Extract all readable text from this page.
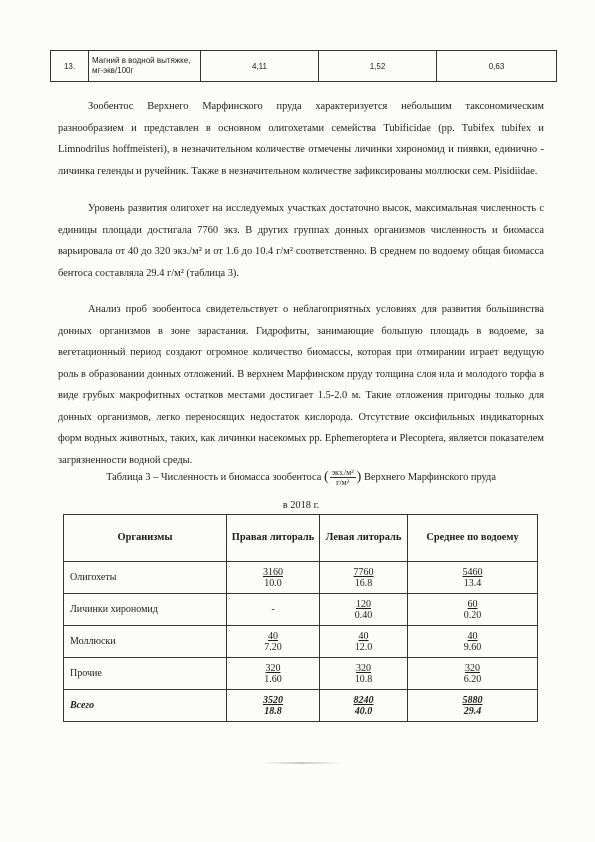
13.	Магний в водной вытяжке, мг-экв/100г	4,11	1,52	0,63

Зообентос Верхнего Марфинского пруда характеризуется небольшим таксономическим разнообразием и представлен в основном олигохетами семейства Tubificidae (pp. Tubifex tubifex и Limnodrilus hoffmeisteri), в незначительном количестве отмечены личинки хирономид и пиявки, единично - личинка геленды и ручейник. Также в незначительном количестве зафиксированы моллюски сем. Pisidiidae.

Уровень развития олигохет на исследуемых участках достаточно высок, максимальная численность с единицы площади достигала 7760 экз. В других группах донных организмов численность и биомасса варьировала от 40 до 320 экз./м² и от 1.6 до 10.4 г/м² соответственно. В среднем по водоему общая биомасса бентоса составляла 29.4 г/м² (таблица 3).

Анализ проб зообентоса свидетельствует о неблагоприятных условиях для развития большинства донных организмов в зоне зарастания. Гидрофиты, занимающие большую площадь в водоеме, за вегетационный период создают огромное количество биомассы, которая при отмирании играет ведущую роль в образовании донных отложений. В верхнем Марфинском пруду толщина слоя ила и молодого торфа в виде грубых макрофитных остатков местами достигает 1.5-2.0 м. Такие отложения пригодны только для донных организмов, легко переносящих недостаток кислорода. Отсутствие оксифильных индикаторных форм водных животных, таких, как личинки насекомых pp. Ephemeroptera и Plecoptera, является показателем загрязненности водной среды.

Таблица 3 – Численность и биомасса зообентоса ( $\frac{\text{экз./м²}}{\text{г/м²}}$ ) Верхнего Марфинского пруда
в 2018 г.
Организмы	Правая литораль	Левая литораль	Среднее по водоему
Олигохеты	$\frac{3160}{10.0}$	$\frac{7760}{16.8}$	$\frac{5460}{13.4}$

Личинки хирономид	-	$\frac{120}{0.40}$	$\frac{60}{0.20}$

Моллюски	$\frac{40}{7.20}$	$\frac{40}{12.0}$	$\frac{40}{9.60}$

Прочие	$\frac{320}{1.60}$	$\frac{320}{10.8}$	$\frac{320}{6.20}$

Всего	$\frac{3520}{18.8}$	$\frac{8240}{40.0}$	$\frac{5880}{29.4}$
